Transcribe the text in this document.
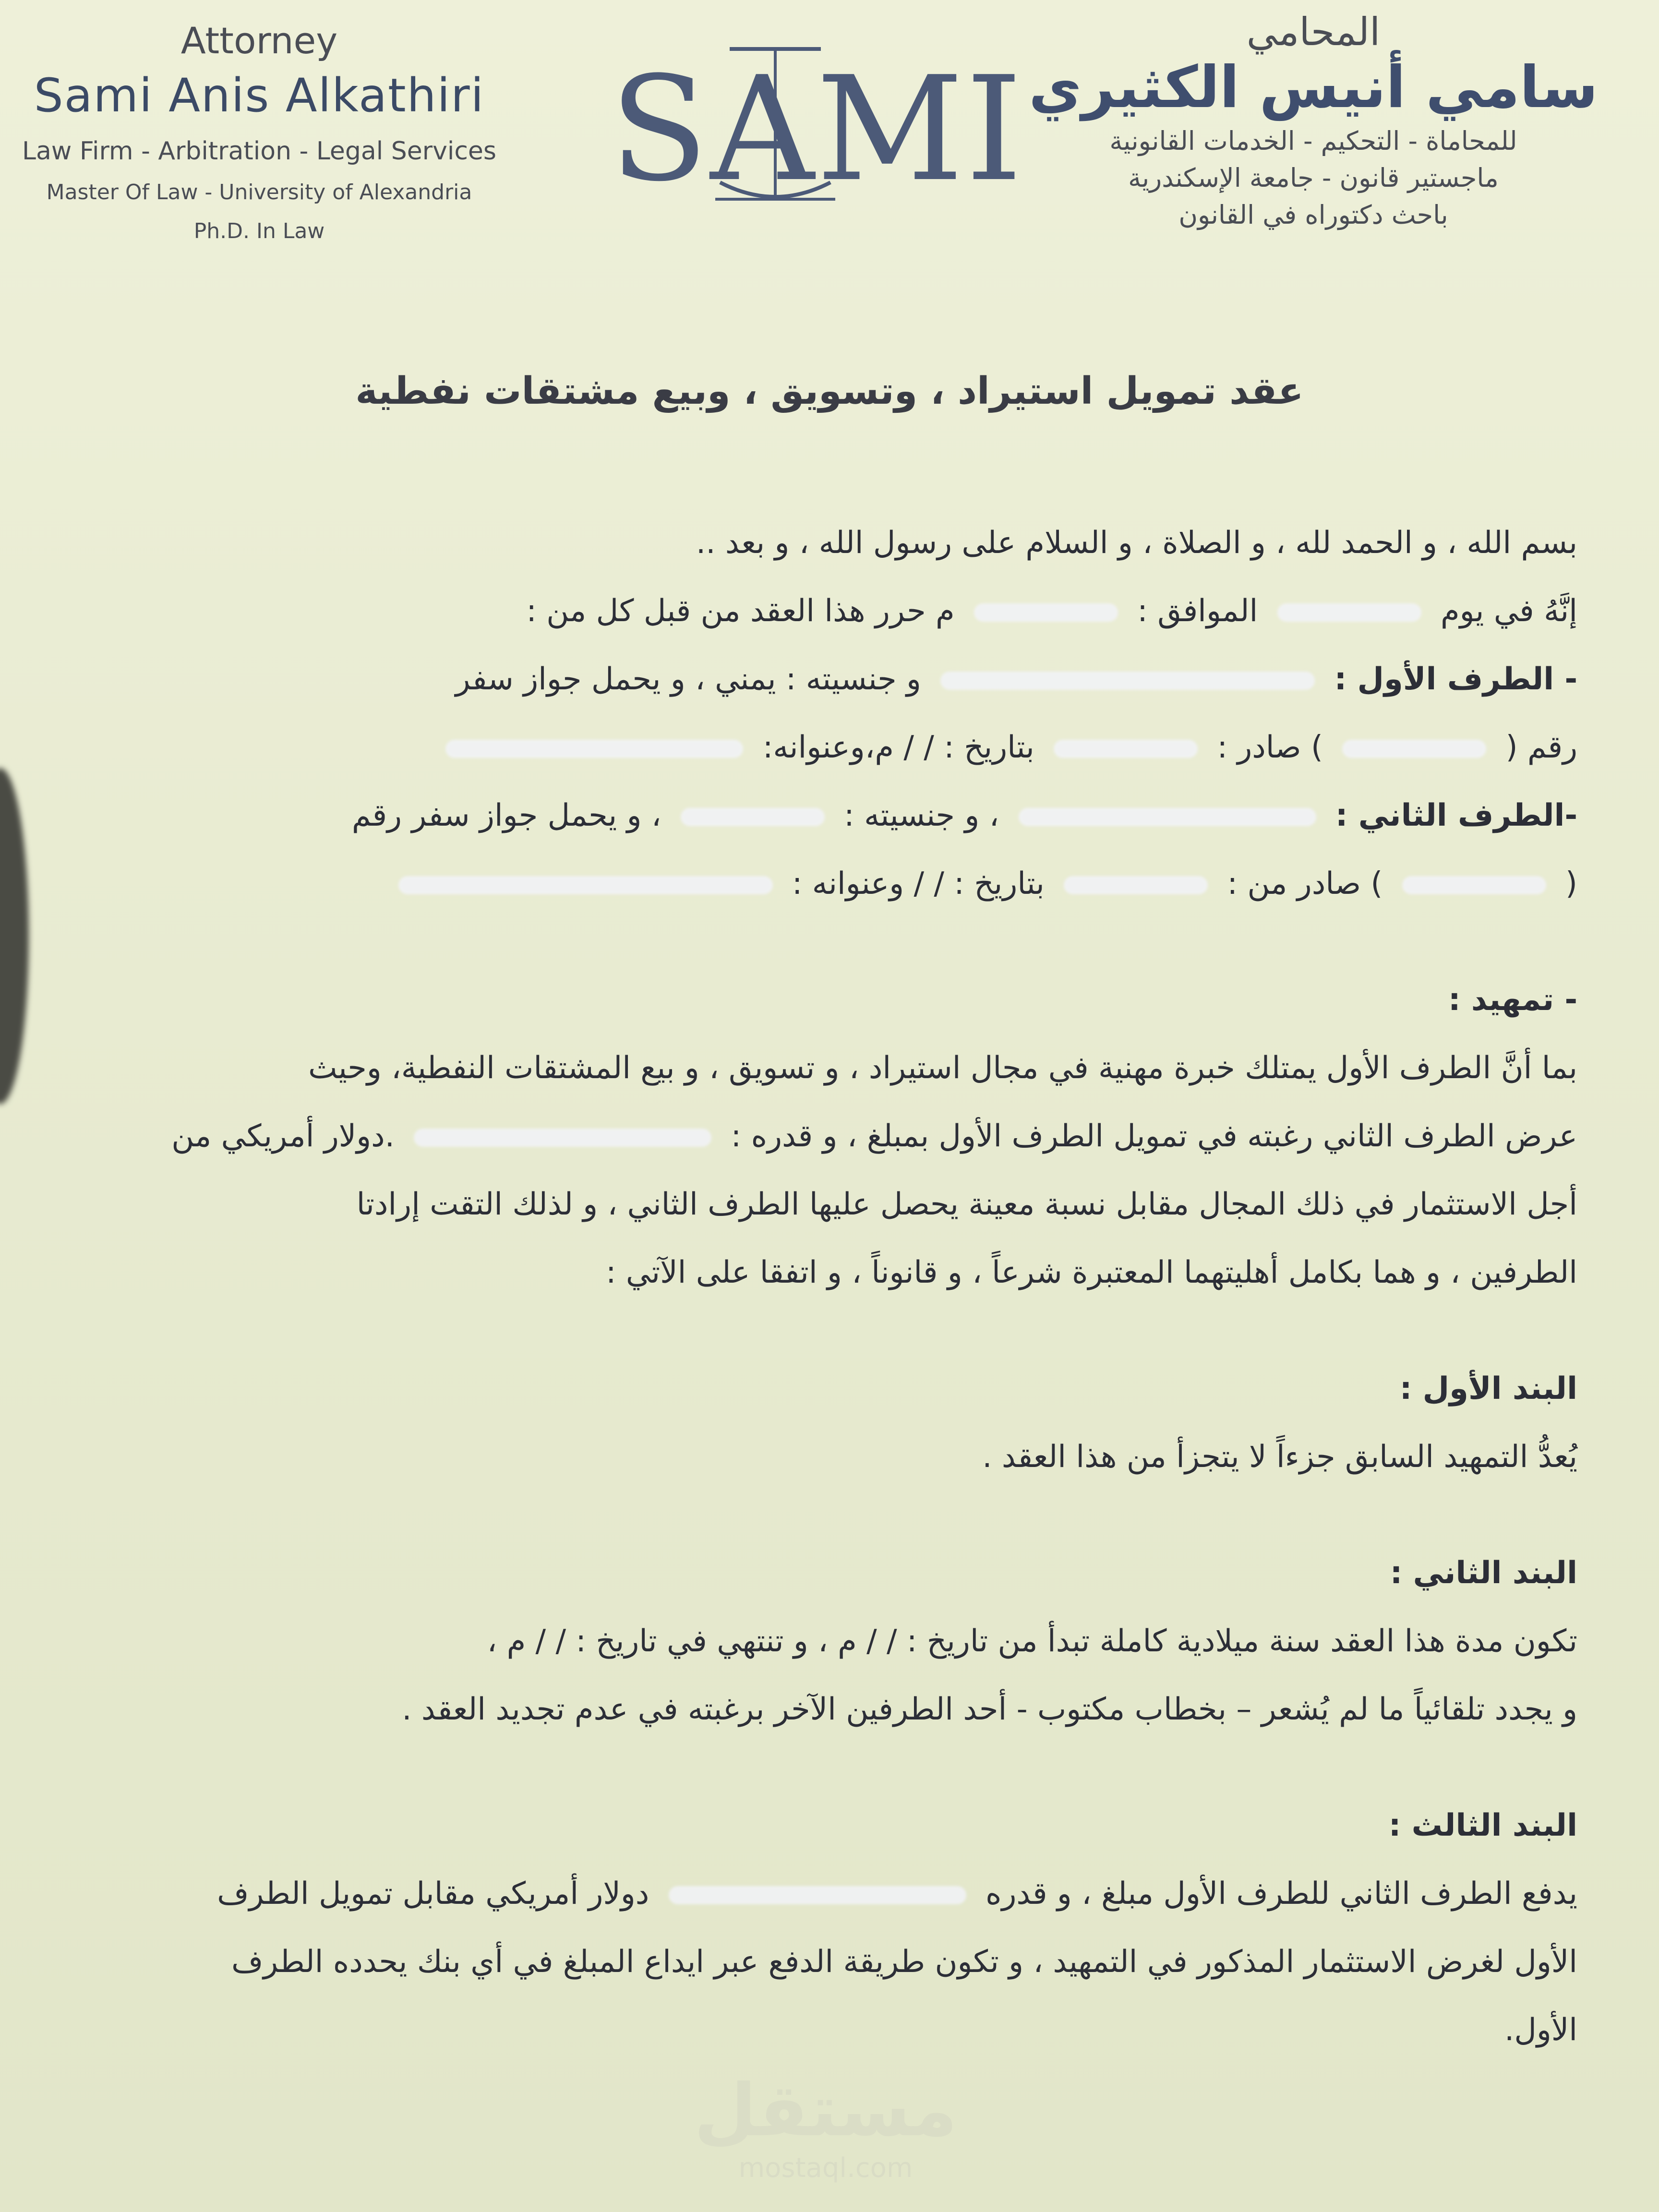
Attorney
Sami Anis Alkathiri
Law Firm - Arbitration - Legal Services
Master Of Law - University of Alexandria
Ph.D. In Law
SAMI
المحامي
سامي أنيس الكثيري
للمحاماة - التحكيم - الخدمات القانونية
ماجستير قانون - جامعة الإسكندرية
باحث دكتوراه في القانون
عقد تمويل استيراد ، وتسويق ، وبيع مشتقات نفطية

بسم الله ، و الحمد لله ، و الصلاة ، و السلام على رسول الله ، و بعد ..

إنَّهُ في يوم  الموافق :  م حرر هذا العقد من قبل كل من :

- الطرف الأول :  و جنسيته : يمني ، و يحمل جواز سفر

رقم (  ) صادر :  بتاريخ : / / م،وعنوانه:

-الطرف الثاني :  ، و جنسيته :  ، و يحمل جواز سفر رقم

(  ) صادر من :  بتاريخ : / / وعنوانه :

- تمهيد :

بما أنَّ الطرف الأول يمتلك خبرة مهنية في مجال استيراد ، و تسويق ، و بيع المشتقات النفطية، وحيث

عرض الطرف الثاني رغبته في تمويل الطرف الأول بمبلغ ، و قدره :  .دولار أمريكي من

أجل الاستثمار في ذلك المجال مقابل نسبة معينة يحصل عليها الطرف الثاني ، و لذلك التقت إرادتا

الطرفين ، و هما بكامل أهليتهما المعتبرة شرعاً ، و قانوناً ، و اتفقا على الآتي :

البند الأول :

يُعدُّ التمهيد السابق جزءاً لا يتجزأ من هذا العقد .

البند الثاني :

تكون مدة هذا العقد سنة ميلادية كاملة تبدأ من تاريخ : / / م ، و تنتهي في تاريخ : / / م ،

و يجدد تلقائياً ما لم يُشعر – بخطاب مكتوب - أحد الطرفين الآخر برغبته في عدم تجديد العقد .

البند الثالث :

يدفع الطرف الثاني للطرف الأول مبلغ ، و قدره  دولار أمريكي مقابل تمويل الطرف

الأول لغرض الاستثمار المذكور في التمهيد ، و تكون طريقة الدفع عبر ايداع المبلغ في أي بنك يحدده الطرف

الأول.

مستقل
mostaql.com
